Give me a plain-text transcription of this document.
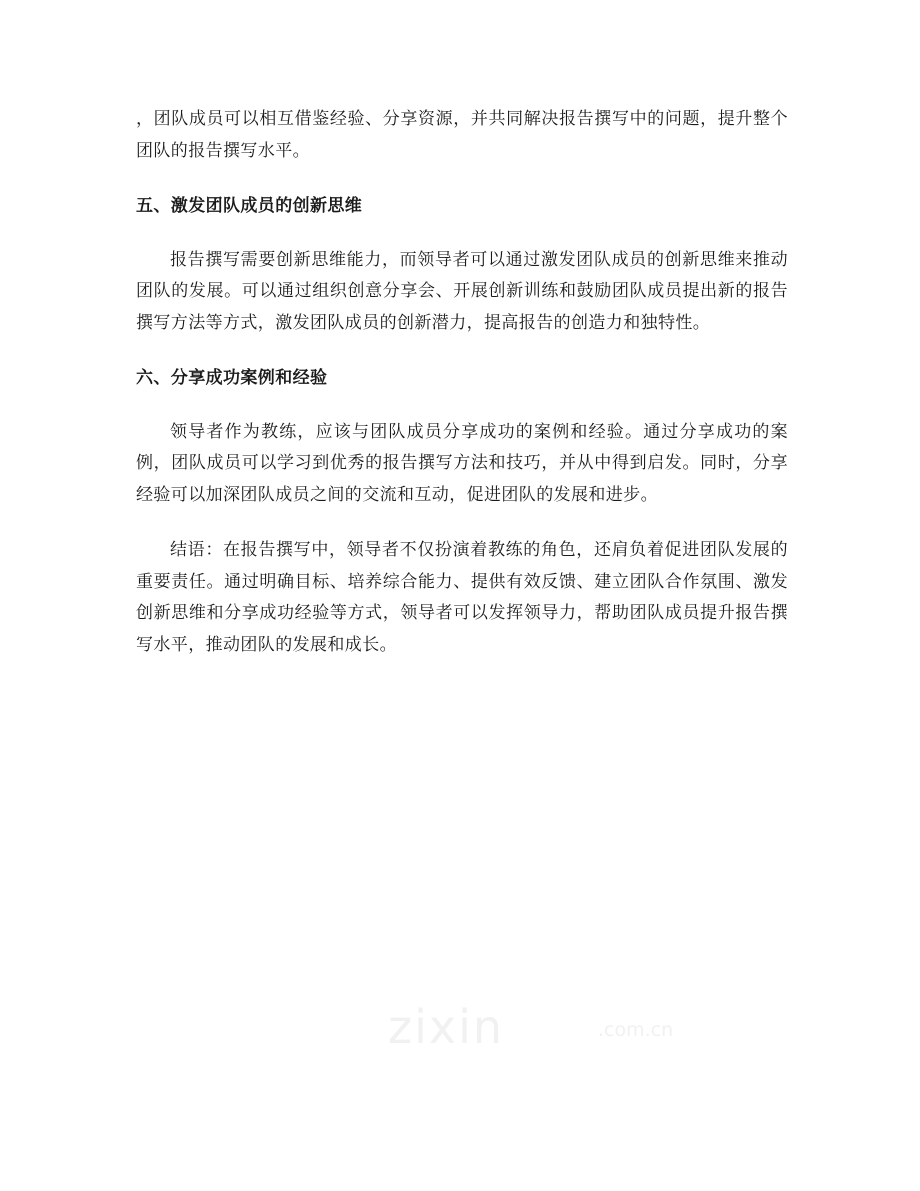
，团队成员可以相互借鉴经验、分享资源，并共同解决报告撰写中的问题，提升整个团队的报告撰写水平。

五、激发团队成员的创新思维

报告撰写需要创新思维能力，而领导者可以通过激发团队成员的创新思维来推动团队的发展。可以通过组织创意分享会、开展创新训练和鼓励团队成员提出新的报告撰写方法等方式，激发团队成员的创新潜力，提高报告的创造力和独特性。

六、分享成功案例和经验

领导者作为教练，应该与团队成员分享成功的案例和经验。通过分享成功的案例，团队成员可以学习到优秀的报告撰写方法和技巧，并从中得到启发。同时，分享经验可以加深团队成员之间的交流和互动，促进团队的发展和进步。

结语：在报告撰写中，领导者不仅扮演着教练的角色，还肩负着促进团队发展的重要责任。通过明确目标、培养综合能力、提供有效反馈、建立团队合作氛围、激发创新思维和分享成功经验等方式，领导者可以发挥领导力，帮助团队成员提升报告撰写水平，推动团队的发展和成长。

zixin	.com.cn
